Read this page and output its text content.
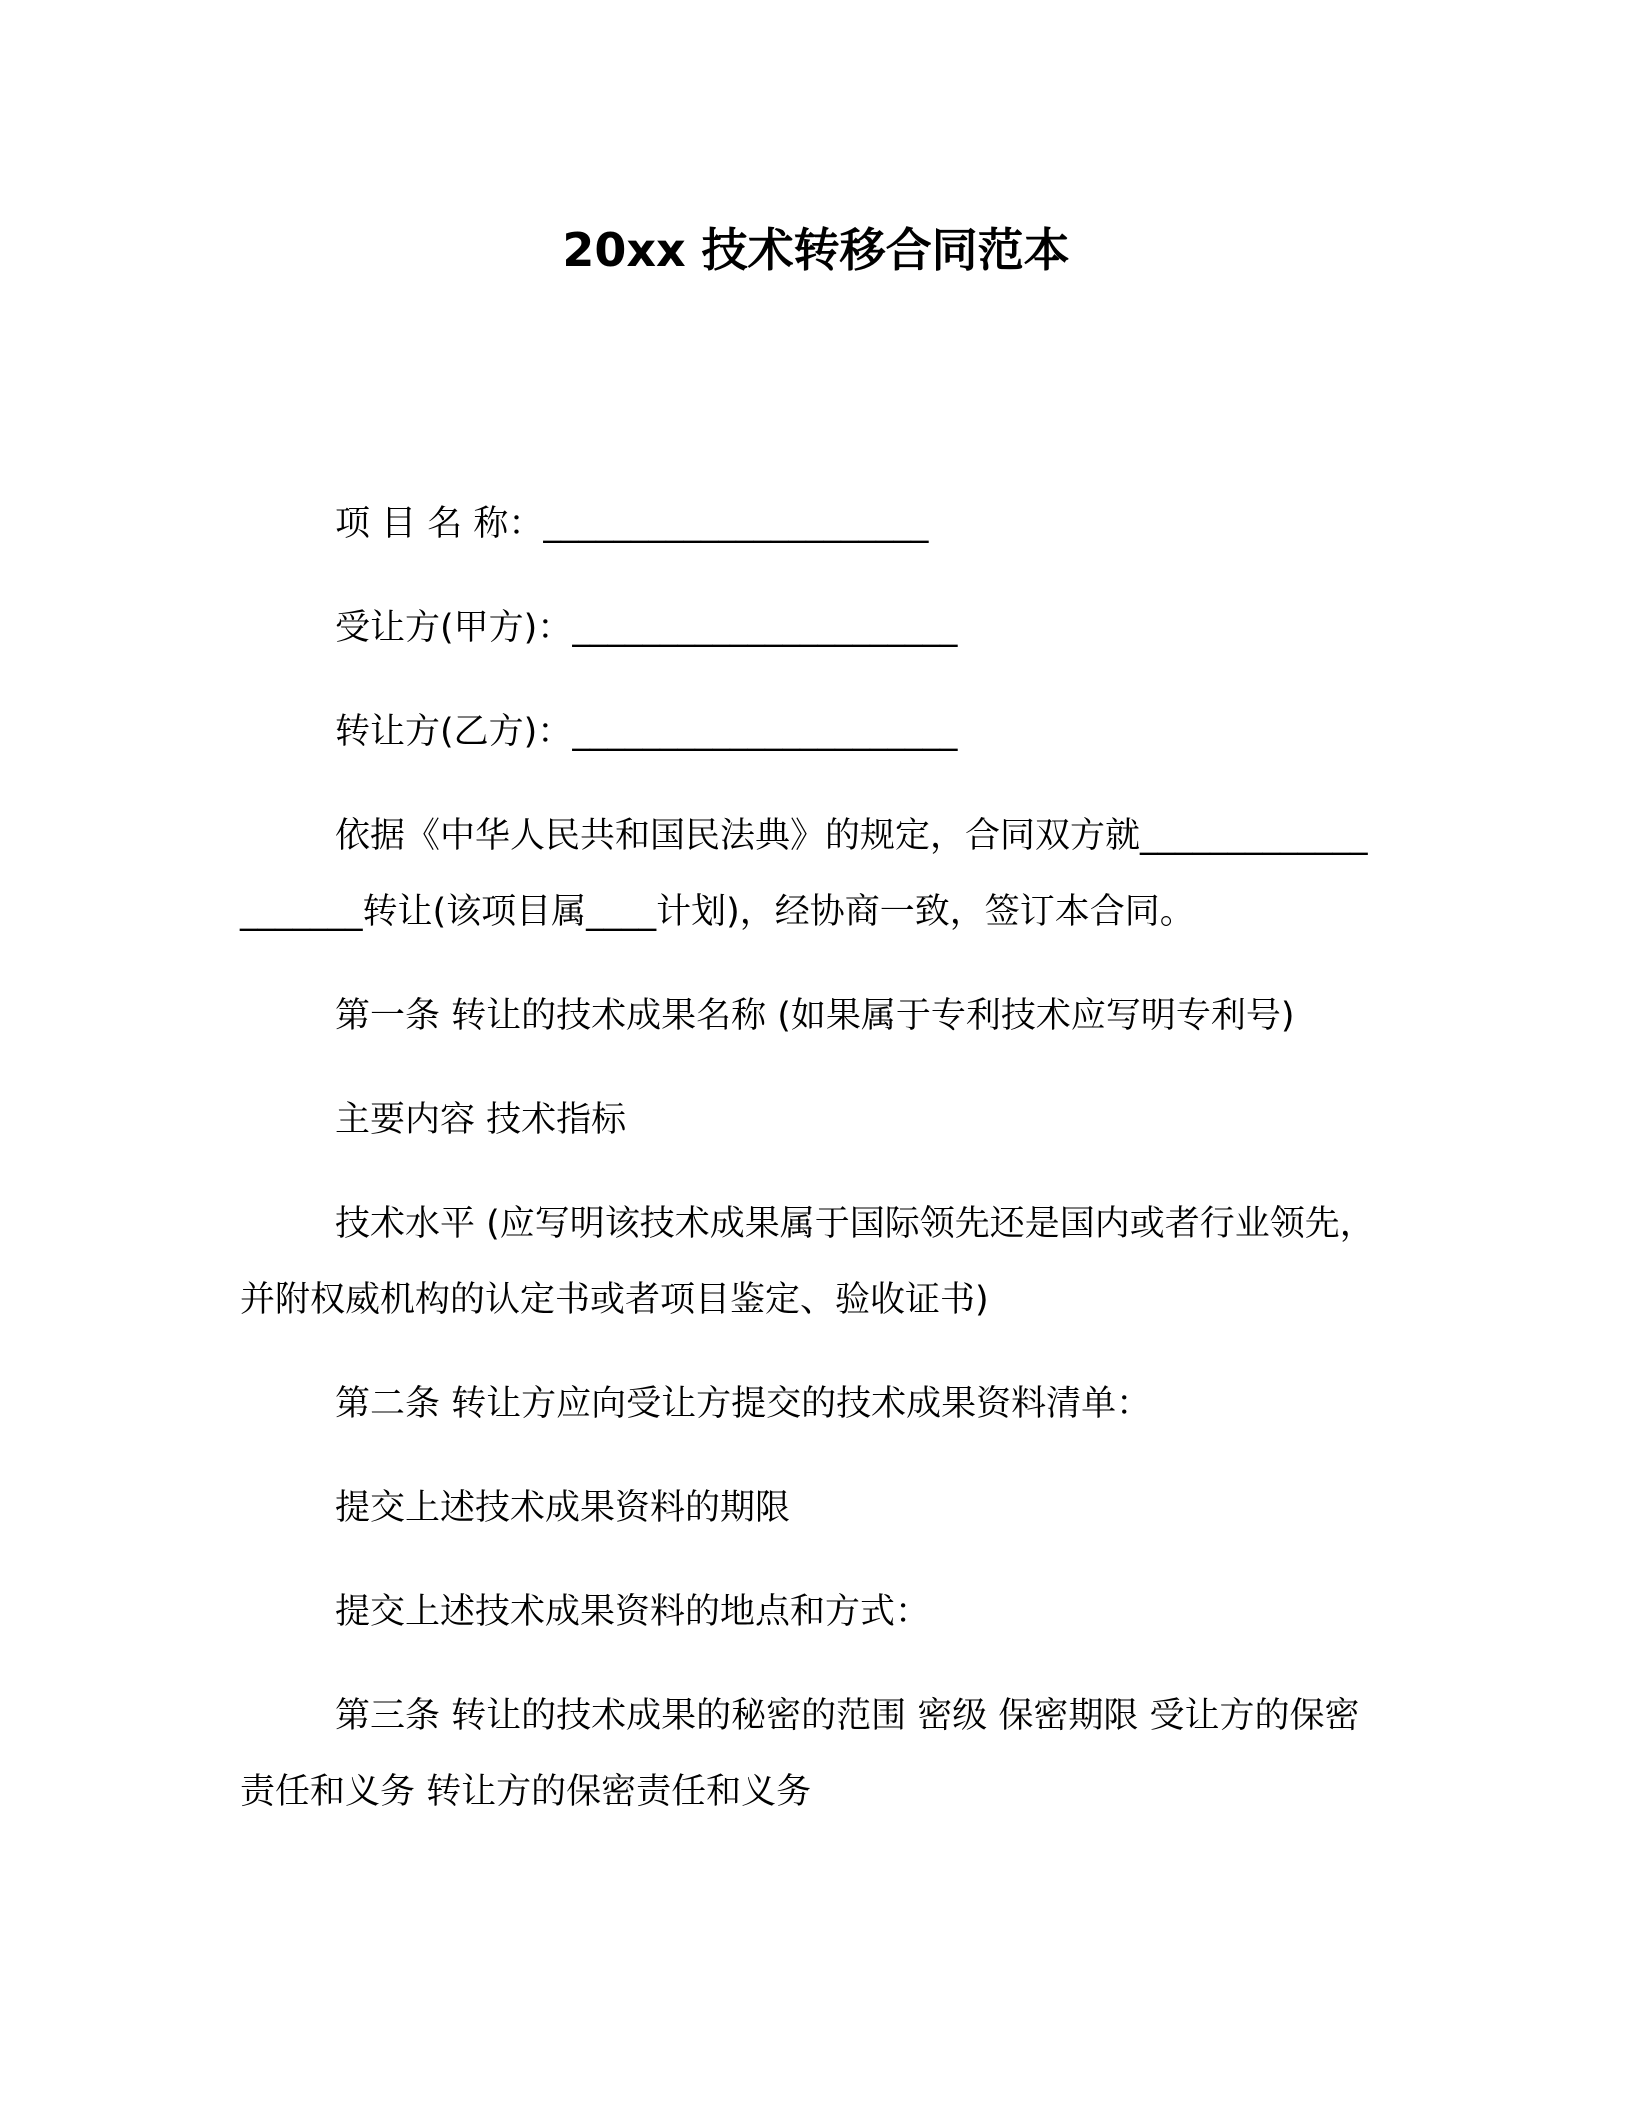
20xx 技术转移合同范本

项 目 名 称：______________________

受让方(甲方)：______________________

转让方(乙方)：______________________

依据《中华人民共和国民法典》的规定，合同双方就____________________转让(该项目属____计划)，经协商一致，签订本合同。

第一条 转让的技术成果名称 (如果属于专利技术应写明专利号)

主要内容 技术指标

技术水平 (应写明该技术成果属于国际领先还是国内或者行业领先，并附权威机构的认定书或者项目鉴定、验收证书)

第二条 转让方应向受让方提交的技术成果资料清单：

提交上述技术成果资料的期限

提交上述技术成果资料的地点和方式：

第三条 转让的技术成果的秘密的范围 密级 保密期限 受让方的保密责任和义务 转让方的保密责任和义务
